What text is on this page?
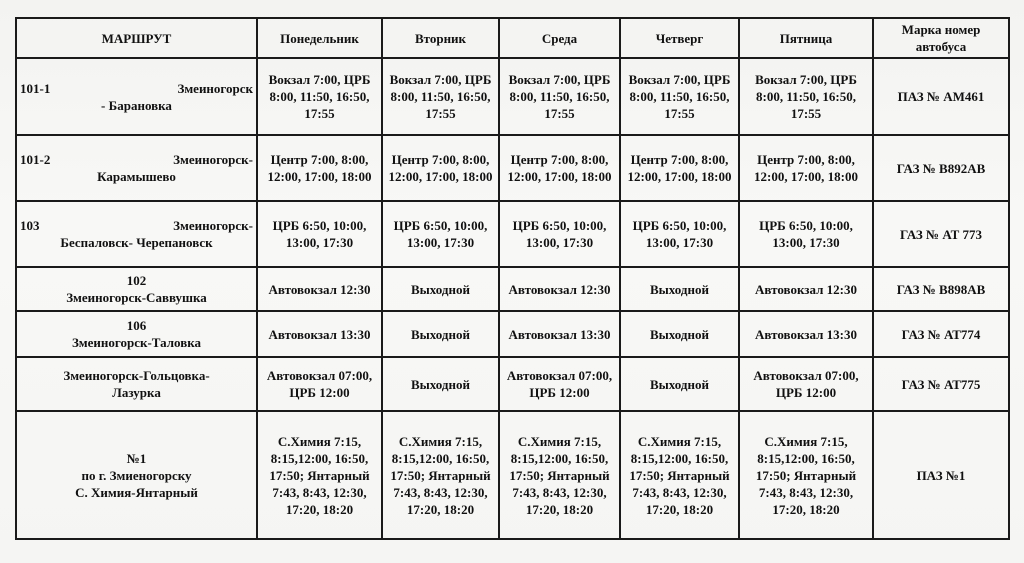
МАРШРУТ	Понедельник	Вторник	Среда	Четверг	Пятница	Марка номер
автобуса

101-1 Змеиногорск
- Барановка	Вокзал 7:00, ЦРБ 8:00, 11:50, 16:50, 17:55	Вокзал 7:00, ЦРБ 8:00, 11:50, 16:50, 17:55	Вокзал 7:00, ЦРБ 8:00, 11:50, 16:50, 17:55	Вокзал 7:00, ЦРБ 8:00, 11:50, 16:50, 17:55	Вокзал 7:00, ЦРБ 8:00, 11:50, 16:50, 17:55	ПАЗ № АМ461

101-2 Змеиногорск-
Карамышево	Центр 7:00, 8:00, 12:00, 17:00, 18:00	Центр 7:00, 8:00, 12:00, 17:00, 18:00	Центр 7:00, 8:00, 12:00, 17:00, 18:00	Центр 7:00, 8:00, 12:00, 17:00, 18:00	Центр 7:00, 8:00, 12:00, 17:00, 18:00	ГАЗ № В892АВ

103 Змеиногорск-
Беспаловск- Черепановск	ЦРБ 6:50, 10:00, 13:00, 17:30	ЦРБ 6:50, 10:00, 13:00, 17:30	ЦРБ 6:50, 10:00, 13:00, 17:30	ЦРБ 6:50, 10:00, 13:00, 17:30	ЦРБ 6:50, 10:00, 13:00, 17:30	ГАЗ № АТ 773

102
Змеиногорск-Саввушка	Автовокзал 12:30	Выходной	Автовокзал 12:30	Выходной	Автовокзал 12:30	ГАЗ № В898АВ

106
Змеиногорск-Таловка	Автовокзал 13:30	Выходной	Автовокзал 13:30	Выходной	Автовокзал 13:30	ГАЗ № АТ774

Змеиногорск-Гольцовка-
Лазурка	Автовокзал 07:00, ЦРБ 12:00	Выходной	Автовокзал 07:00, ЦРБ 12:00	Выходной	Автовокзал 07:00, ЦРБ 12:00	ГАЗ № АТ775

№1
по г. Змиеногорску
С. Химия-Янтарный	С.Химия 7:15, 8:15,12:00, 16:50, 17:50; Янтарный 7:43, 8:43, 12:30, 17:20, 18:20	С.Химия 7:15, 8:15,12:00, 16:50, 17:50; Янтарный 7:43, 8:43, 12:30, 17:20, 18:20	С.Химия 7:15, 8:15,12:00, 16:50, 17:50; Янтарный 7:43, 8:43, 12:30, 17:20, 18:20	С.Химия 7:15, 8:15,12:00, 16:50, 17:50; Янтарный 7:43, 8:43, 12:30, 17:20, 18:20	С.Химия 7:15, 8:15,12:00, 16:50, 17:50; Янтарный 7:43, 8:43, 12:30, 17:20, 18:20	ПАЗ №1
